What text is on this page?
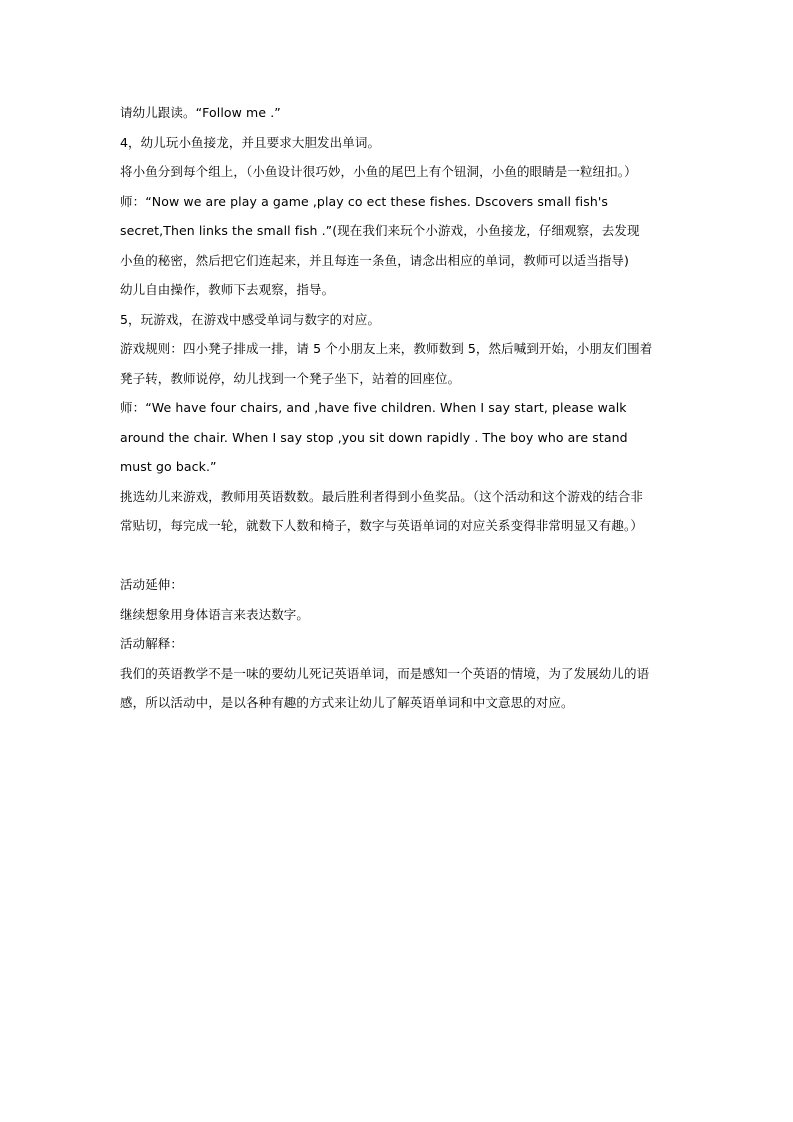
请幼儿跟读。“Follow me .”
4，幼儿玩小鱼接龙，并且要求大胆发出单词。
将小鱼分到每个组上，（小鱼设计很巧妙，小鱼的尾巴上有个钮洞，小鱼的眼睛是一粒纽扣。）
师：“Now we are play a game ,play co ect these fishes. Dscovers small fish's
secret,Then links the small fish .”(现在我们来玩个小游戏，小鱼接龙，仔细观察，去发现
小鱼的秘密，然后把它们连起来，并且每连一条鱼，请念出相应的单词，教师可以适当指导)
幼儿自由操作，教师下去观察，指导。
5，玩游戏，在游戏中感受单词与数字的对应。
游戏规则：四小凳子排成一排，请 5 个小朋友上来，教师数到 5，然后喊到开始，小朋友们围着
凳子转，教师说停，幼儿找到一个凳子坐下，站着的回座位。
师：“We have four chairs, and ,have five children. When I say start, please walk
around the chair. When I say stop ,you sit down rapidly . The boy who are stand
must go back.”
挑选幼儿来游戏，教师用英语数数。最后胜利者得到小鱼奖品。（这个活动和这个游戏的结合非
常贴切，每完成一轮，就数下人数和椅子，数字与英语单词的对应关系变得非常明显又有趣。）
活动延伸：
继续想象用身体语言来表达数字。
活动解释：
我们的英语教学不是一味的要幼儿死记英语单词，而是感知一个英语的情境，为了发展幼儿的语
感，所以活动中，是以各种有趣的方式来让幼儿了解英语单词和中文意思的对应。
